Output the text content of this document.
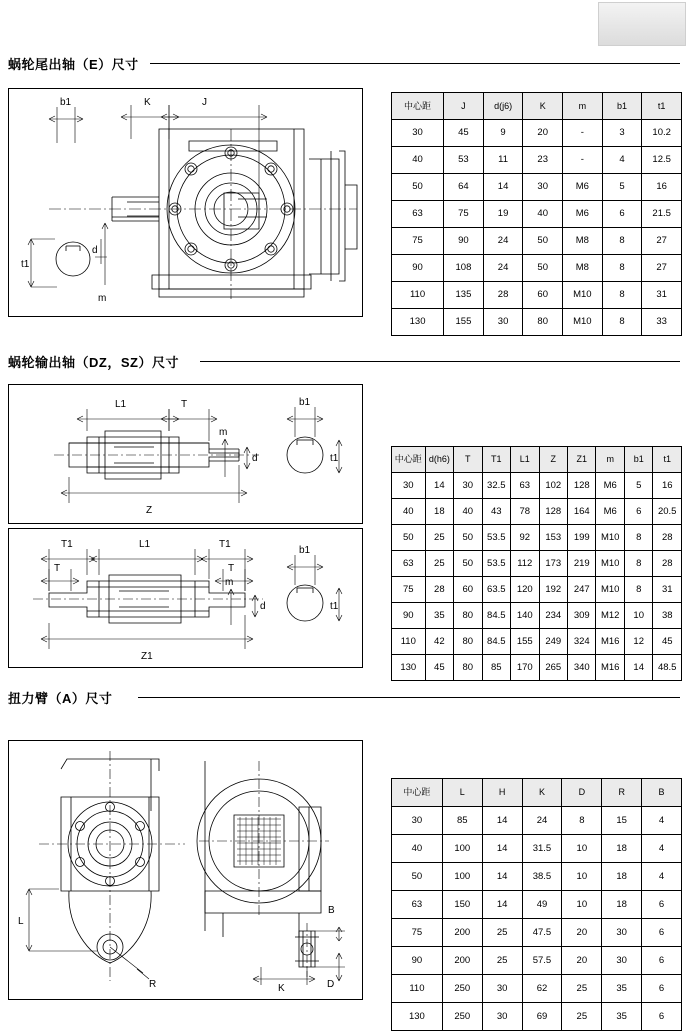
蜗轮尾出轴（E）尺寸
b1	K	J
t1
d
m
中心距	J	d(j6)	K	m	b1	t1
30	45	9	20	-	3	10.2
40	53	11	23	-	4	12.5
50	64	14	30	M6	5	16
63	75	19	40	M6	6	21.5
75	90	24	50	M8	8	27
90	108	24	50	M8	8	27
110	135	28	60	M10	8	31
130	155	30	80	M10	8	33
蜗轮输出轴（DZ，SZ）尺寸
L1	T	b1
Z
m
d	t1
T1	L1	T1
T	T
b1
Z1
m
d	t1
中心距	d(h6)	T	T1	L1	Z	Z1	m	b1	t1
30	14	30	32.5	63	102	128	M6	5	16
40	18	40	43	78	128	164	M6	6	20.5
50	25	50	53.5	92	153	199	M10	8	28
63	25	50	53.5	112	173	219	M10	8	28
75	28	60	63.5	120	192	247	M10	8	31
90	35	80	84.5	140	234	309	M12	10	38
110	42	80	84.5	155	249	324	M16	12	45
130	45	80	85	170	265	340	M16	14	48.5
扭力臂（A）尺寸
L
R
B
D
K
中心距	L	H	K	D	R	B
30	85	14	24	8	15	4
40	100	14	31.5	10	18	4
50	100	14	38.5	10	18	4
63	150	14	49	10	18	6
75	200	25	47.5	20	30	6
90	200	25	57.5	20	30	6
110	250	30	62	25	35	6
130	250	30	69	25	35	6
